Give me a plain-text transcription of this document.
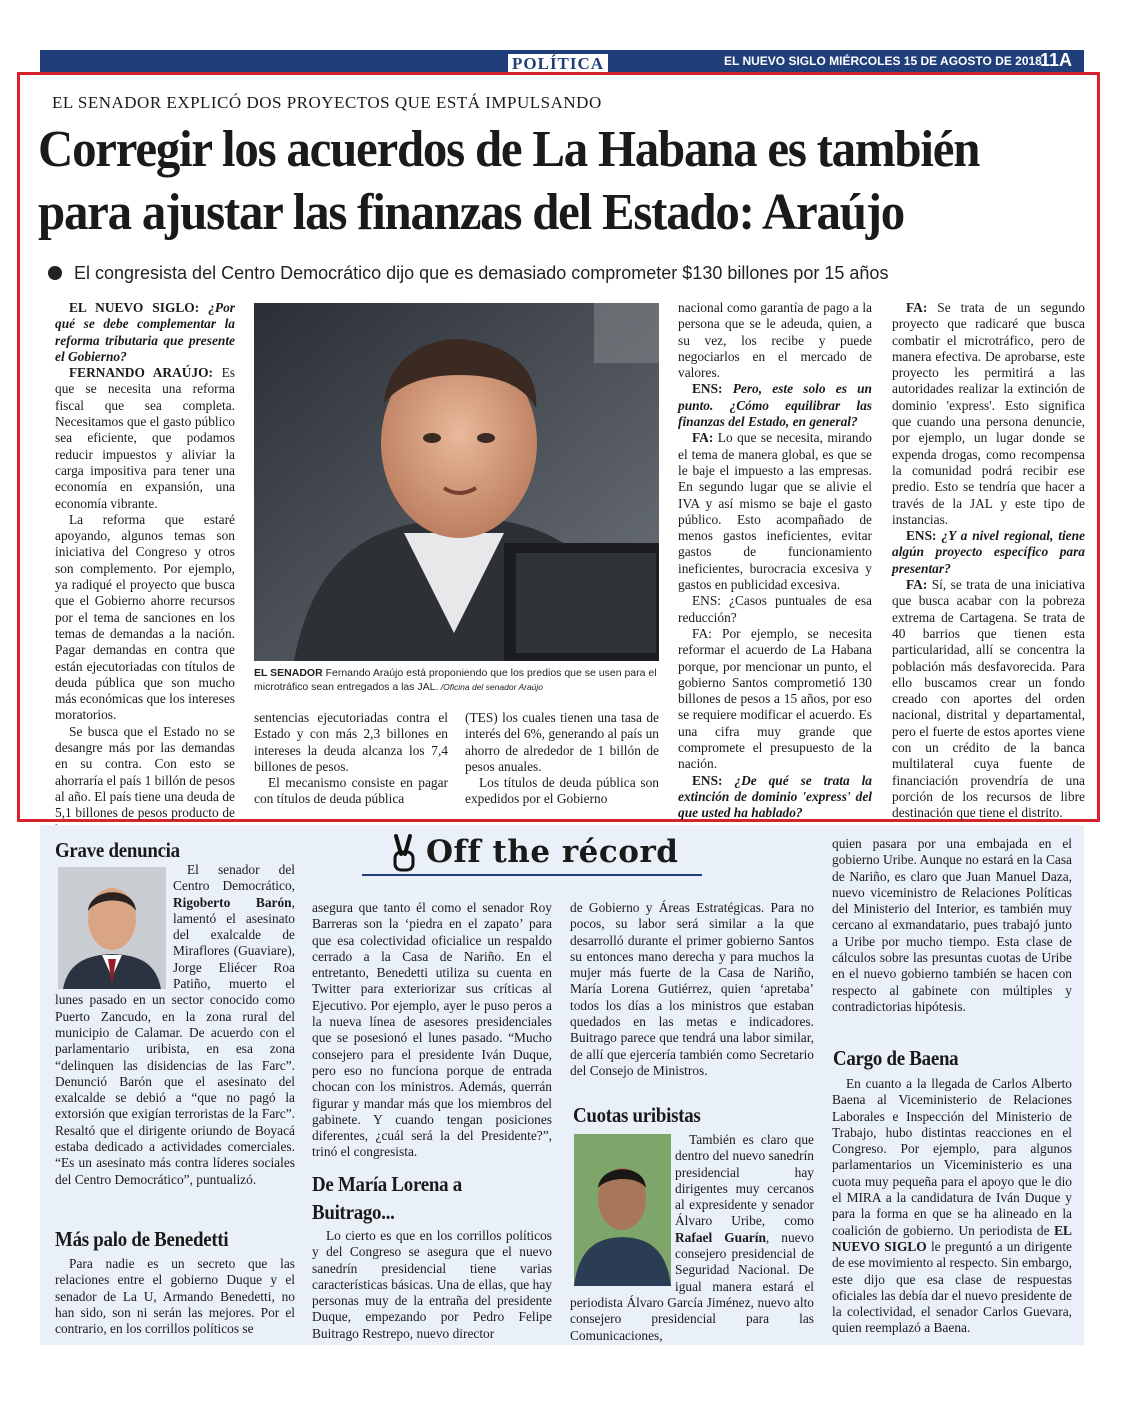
POLÍTICA	EL NUEVO SIGLO MIÉRCOLES 15 DE AGOSTO DE 2018
11A
EL SENADOR EXPLICÓ DOS PROYECTOS QUE ESTÁ IMPULSANDO
Corregir los acuerdos de La Habana es también para ajustar las finanzas del Estado: Araújo
El congresista del Centro Democrático dijo que es demasiado comprometer $130 billones por 15 años

EL NUEVO SIGLO: ¿Por qué se debe complementar la reforma tributaria que presente el Gobierno?

FERNANDO ARAÚJO: Es que se necesita una reforma fiscal que sea completa. Necesitamos que el gasto público sea eficiente, que podamos reducir impuestos y aliviar la carga impositiva para tener una economía en expansión, una economía vibrante.

La reforma que estaré apoyando, algunos temas son iniciativa del Congreso y otros son complemento. Por ejemplo, ya radiqué el proyecto que busca que el Gobierno ahorre recursos por el tema de sanciones en los temas de demandas a la nación. Pagar demandas en contra que están ejecutoriadas con títulos de deuda pública que son mucho más económicas que los intereses moratorios.

Se busca que el Estado no se desangre más por las demandas en su contra. Con esto se ahorraría el país 1 billón de pesos al año. El país tiene una deuda de 5,1 billones de pesos producto de

EL SENADOR Fernando Araújo está proponiendo que los predios que se usen para el microtráfico sean entregados a las JAL. /Oficina del senador Araújo

sentencias ejecutoriadas contra el Estado y con más 2,3 billones en intereses la deuda alcanza los 7,4 billones de pesos.

El mecanismo consiste en pagar con títulos de deuda pública

(TES) los cuales tienen una tasa de interés del 6%, generando al país un ahorro de alrededor de 1 billón de pesos anuales.

Los títulos de deuda pública son expedidos por el Gobierno

nacional como garantía de pago a la persona que se le adeuda, quien, a su vez, los recibe y puede negociarlos en el mercado de valores.

ENS: Pero, este solo es un punto. ¿Cómo equilibrar las finanzas del Estado, en general?

FA: Lo que se necesita, mirando el tema de manera global, es que se le baje el impuesto a las empresas. En segundo lugar que se alivie el IVA y así mismo se baje el gasto público. Esto acompañado de menos gastos ineficientes, evitar gastos de funcionamiento ineficientes, burocracia excesiva y gastos en publicidad excesiva.

ENS: ¿Casos puntuales de esa reducción?

FA: Por ejemplo, se necesita reformar el acuerdo de La Habana porque, por mencionar un punto, el gobierno Santos comprometió 130 billones de pesos a 15 años, por eso se requiere modificar el acuerdo. Es una cifra muy grande que compromete el presupuesto de la nación.

ENS: ¿De qué se trata la extinción de dominio 'express' del que usted ha hablado?

FA: Se trata de un segundo proyecto que radicaré que busca combatir el microtráfico, pero de manera efectiva. De aprobarse, este proyecto les permitirá a las autoridades realizar la extinción de dominio 'express'. Esto significa que cuando una persona denuncie, por ejemplo, un lugar donde se expenda drogas, como recompensa la comunidad podrá recibir ese predio. Esto se tendría que hacer a través de la JAL y este tipo de instancias.

ENS: ¿Y a nivel regional, tiene algún proyecto específico para presentar?

FA: Sí, se trata de una iniciativa que busca acabar con la pobreza extrema de Cartagena. Se trata de 40 barrios que tienen esta particularidad, allí se concentra la población más desfavorecida. Para ello buscamos crear un fondo creado con aportes del orden nacional, distrital y departamental, pero el fuerte de estos aportes viene con un crédito de la banca multilateral cuya fuente de financiación provendría de una porción de los recursos de libre destinación que tiene el distrito.

Off the récord
Grave denuncia

El senador del Centro Democrático, Rigoberto Barón, lamentó el asesinato del exalcalde de Miraflores (Guaviare), Jorge Eliécer Roa Patiño, muerto el lunes pasado en un sector conocido como Puerto Zancudo, en la zona rural del municipio de Calamar. De acuerdo con el parlamentario uribista, en esa zona “delinquen las disidencias de las Farc”. Denunció Barón que el asesinato del exalcalde se debió a “que no pagó la extorsión que exigían terroristas de la Farc”. Resaltó que el dirigente oriundo de Boyacá estaba dedicado a actividades comerciales. “Es un asesinato más contra líderes sociales del Centro Democrático”, puntualizó.

Más palo de Benedetti

Para nadie es un secreto que las relaciones entre el gobierno Duque y el senador de La U, Armando Benedetti, no han sido, son ni serán las mejores. Por el contrario, en los corrillos políticos se

asegura que tanto él como el senador Roy Barreras son la ‘piedra en el zapato’ para que esa colectividad oficialice un respaldo cerrado a la Casa de Nariño. En el entretanto, Benedetti utiliza su cuenta en Twitter para exteriorizar sus críticas al Ejecutivo. Por ejemplo, ayer le puso peros a la nueva línea de asesores presidenciales que se posesionó el lunes pasado. “Mucho consejero para el presidente Iván Duque, pero eso no funciona porque de entrada chocan con los ministros. Además, querrán figurar y mandar más que los miembros del gabinete. Y cuando tengan posiciones diferentes, ¿cuál será la del Presidente?”, trinó el congresista.

De María Lorena a Buitrago...

Lo cierto es que en los corrillos políticos y del Congreso se asegura que el nuevo sanedrín presidencial tiene varias características básicas. Una de ellas, que hay personas muy de la entraña del presidente Duque, empezando por Pedro Felipe Buitrago Restrepo, nuevo director

de Gobierno y Áreas Estratégicas. Para no pocos, su labor será similar a la que desarrolló durante el primer gobierno Santos su entonces mano derecha y para muchos la mujer más fuerte de la Casa de Nariño, María Lorena Gutiérrez, quien ‘apretaba’ todos los días a los ministros que estaban quedados en las metas e indicadores. Buitrago parece que tendrá una labor similar, de allí que ejercería también como Secretario del Consejo de Ministros.

Cuotas uribistas

También es claro que dentro del nuevo sanedrín presidencial hay dirigentes muy cercanos al expresidente y senador Álvaro Uribe, como Rafael Guarín, nuevo consejero presidencial de Seguridad Nacional. De igual manera estará el periodista Álvaro García Jiménez, nuevo alto consejero presidencial para las Comunicaciones,

quien pasara por una embajada en el gobierno Uribe. Aunque no estará en la Casa de Nariño, es claro que Juan Manuel Daza, nuevo viceministro de Relaciones Políticas del Ministerio del Interior, es también muy cercano al exmandatario, pues trabajó junto a Uribe por mucho tiempo. Esta clase de cálculos sobre las presuntas cuotas de Uribe en el nuevo gobierno también se hacen con respecto al gabinete con múltiples y contradictorias hipótesis.

Cargo de Baena

En cuanto a la llegada de Carlos Alberto Baena al Viceministerio de Relaciones Laborales e Inspección del Ministerio de Trabajo, hubo distintas reacciones en el Congreso. Por ejemplo, para algunos parlamentarios un Viceministerio es una cuota muy pequeña para el apoyo que le dio el MIRA a la candidatura de Iván Duque y para la forma en que se ha alineado en la coalición de gobierno. Un periodista de EL NUEVO SIGLO le preguntó a un dirigente de ese movimiento al respecto. Sin embargo, este dijo que esa clase de respuestas oficiales las debía dar el nuevo presidente de la colectividad, el senador Carlos Guevara, quien reemplazó a Baena.
